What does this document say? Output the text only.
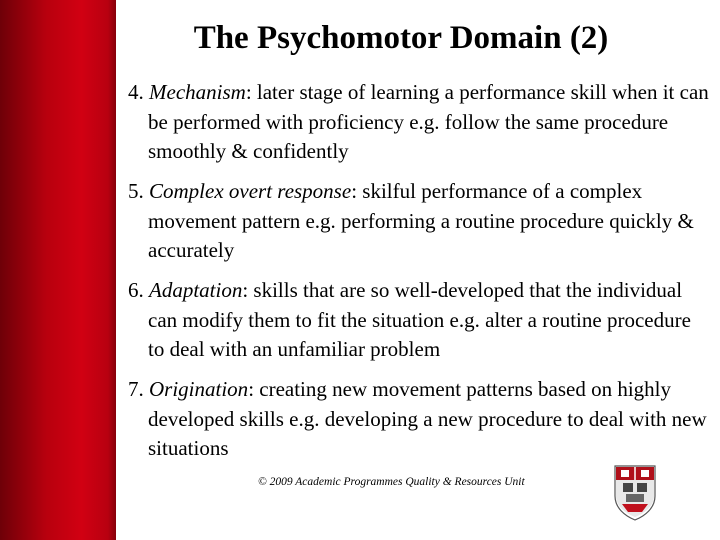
The Psychomotor Domain (2)
4. Mechanism: later stage of learning a performance skill when it can be performed with proficiency e.g. follow the same procedure smoothly & confidently
5. Complex overt response: skilful performance of a complex movement pattern e.g. performing a routine procedure quickly & accurately
6. Adaptation: skills that are so well-developed that the individual can modify them to fit the situation e.g. alter a routine procedure to deal with an unfamiliar problem
7. Origination: creating new movement patterns based on highly developed skills e.g. developing a new procedure to deal with new situations
© 2009 Academic Programmes Quality & Resources Unit
